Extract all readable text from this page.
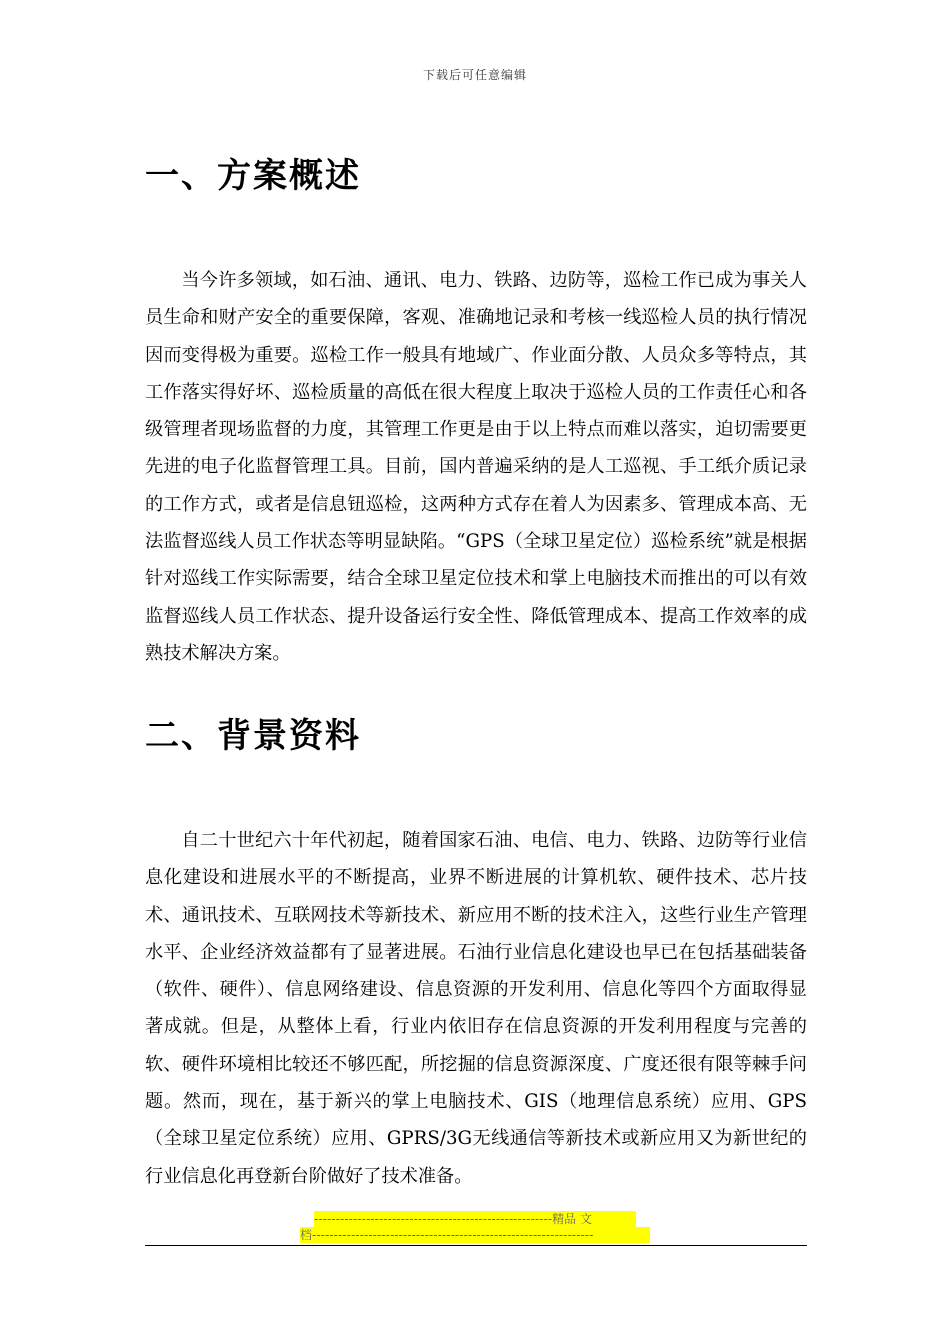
下载后可任意编辑
一、方案概述

当今许多领域，如石油、通讯、电力、铁路、边防等，巡检工作已成为事关人员生命和财产安全的重要保障，客观、准确地记录和考核一线巡检人员的执行情况因而变得极为重要。巡检工作一般具有地域广、作业面分散、人员众多等特点，其工作落实得好坏、巡检质量的高低在很大程度上取决于巡检人员的工作责任心和各级管理者现场监督的力度，其管理工作更是由于以上特点而难以落实，迫切需要更先进的电子化监督管理工具。目前，国内普遍采纳的是人工巡视、手工纸介质记录的工作方式，或者是信息钮巡检，这两种方式存在着人为因素多、管理成本高、无法监督巡线人员工作状态等明显缺陷。“GPS（全球卫星定位）巡检系统”就是根据针对巡线工作实际需要，结合全球卫星定位技术和掌上电脑技术而推出的可以有效监督巡线人员工作状态、提升设备运行安全性、降低管理成本、提高工作效率的成熟技术解决方案。

二、背景资料

自二十世纪六十年代初起，随着国家石油、电信、电力、铁路、边防等行业信息化建设和进展水平的不断提高，业界不断进展的计算机软、硬件技术、芯片技术、通讯技术、互联网技术等新技术、新应用不断的技术注入，这些行业生产管理水平、企业经济效益都有了显著进展。石油行业信息化建设也早已在包括基础装备（软件、硬件）、信息网络建设、信息资源的开发利用、信息化等四个方面取得显著成就。但是，从整体上看，行业内依旧存在信息资源的开发利用程度与完善的软、硬件环境相比较还不够匹配，所挖掘的信息资源深度、广度还很有限等棘手问题。然而，现在，基于新兴的掌上电脑技术、GIS（地理信息系统）应用、GPS（全球卫星定位系统）应用、GPRS/3G无线通信等新技术或新应用又为新世纪的行业信息化再登新台阶做好了技术准备。

-------------------------------------------------------精品 文
档-----------------------------------------------------------------
